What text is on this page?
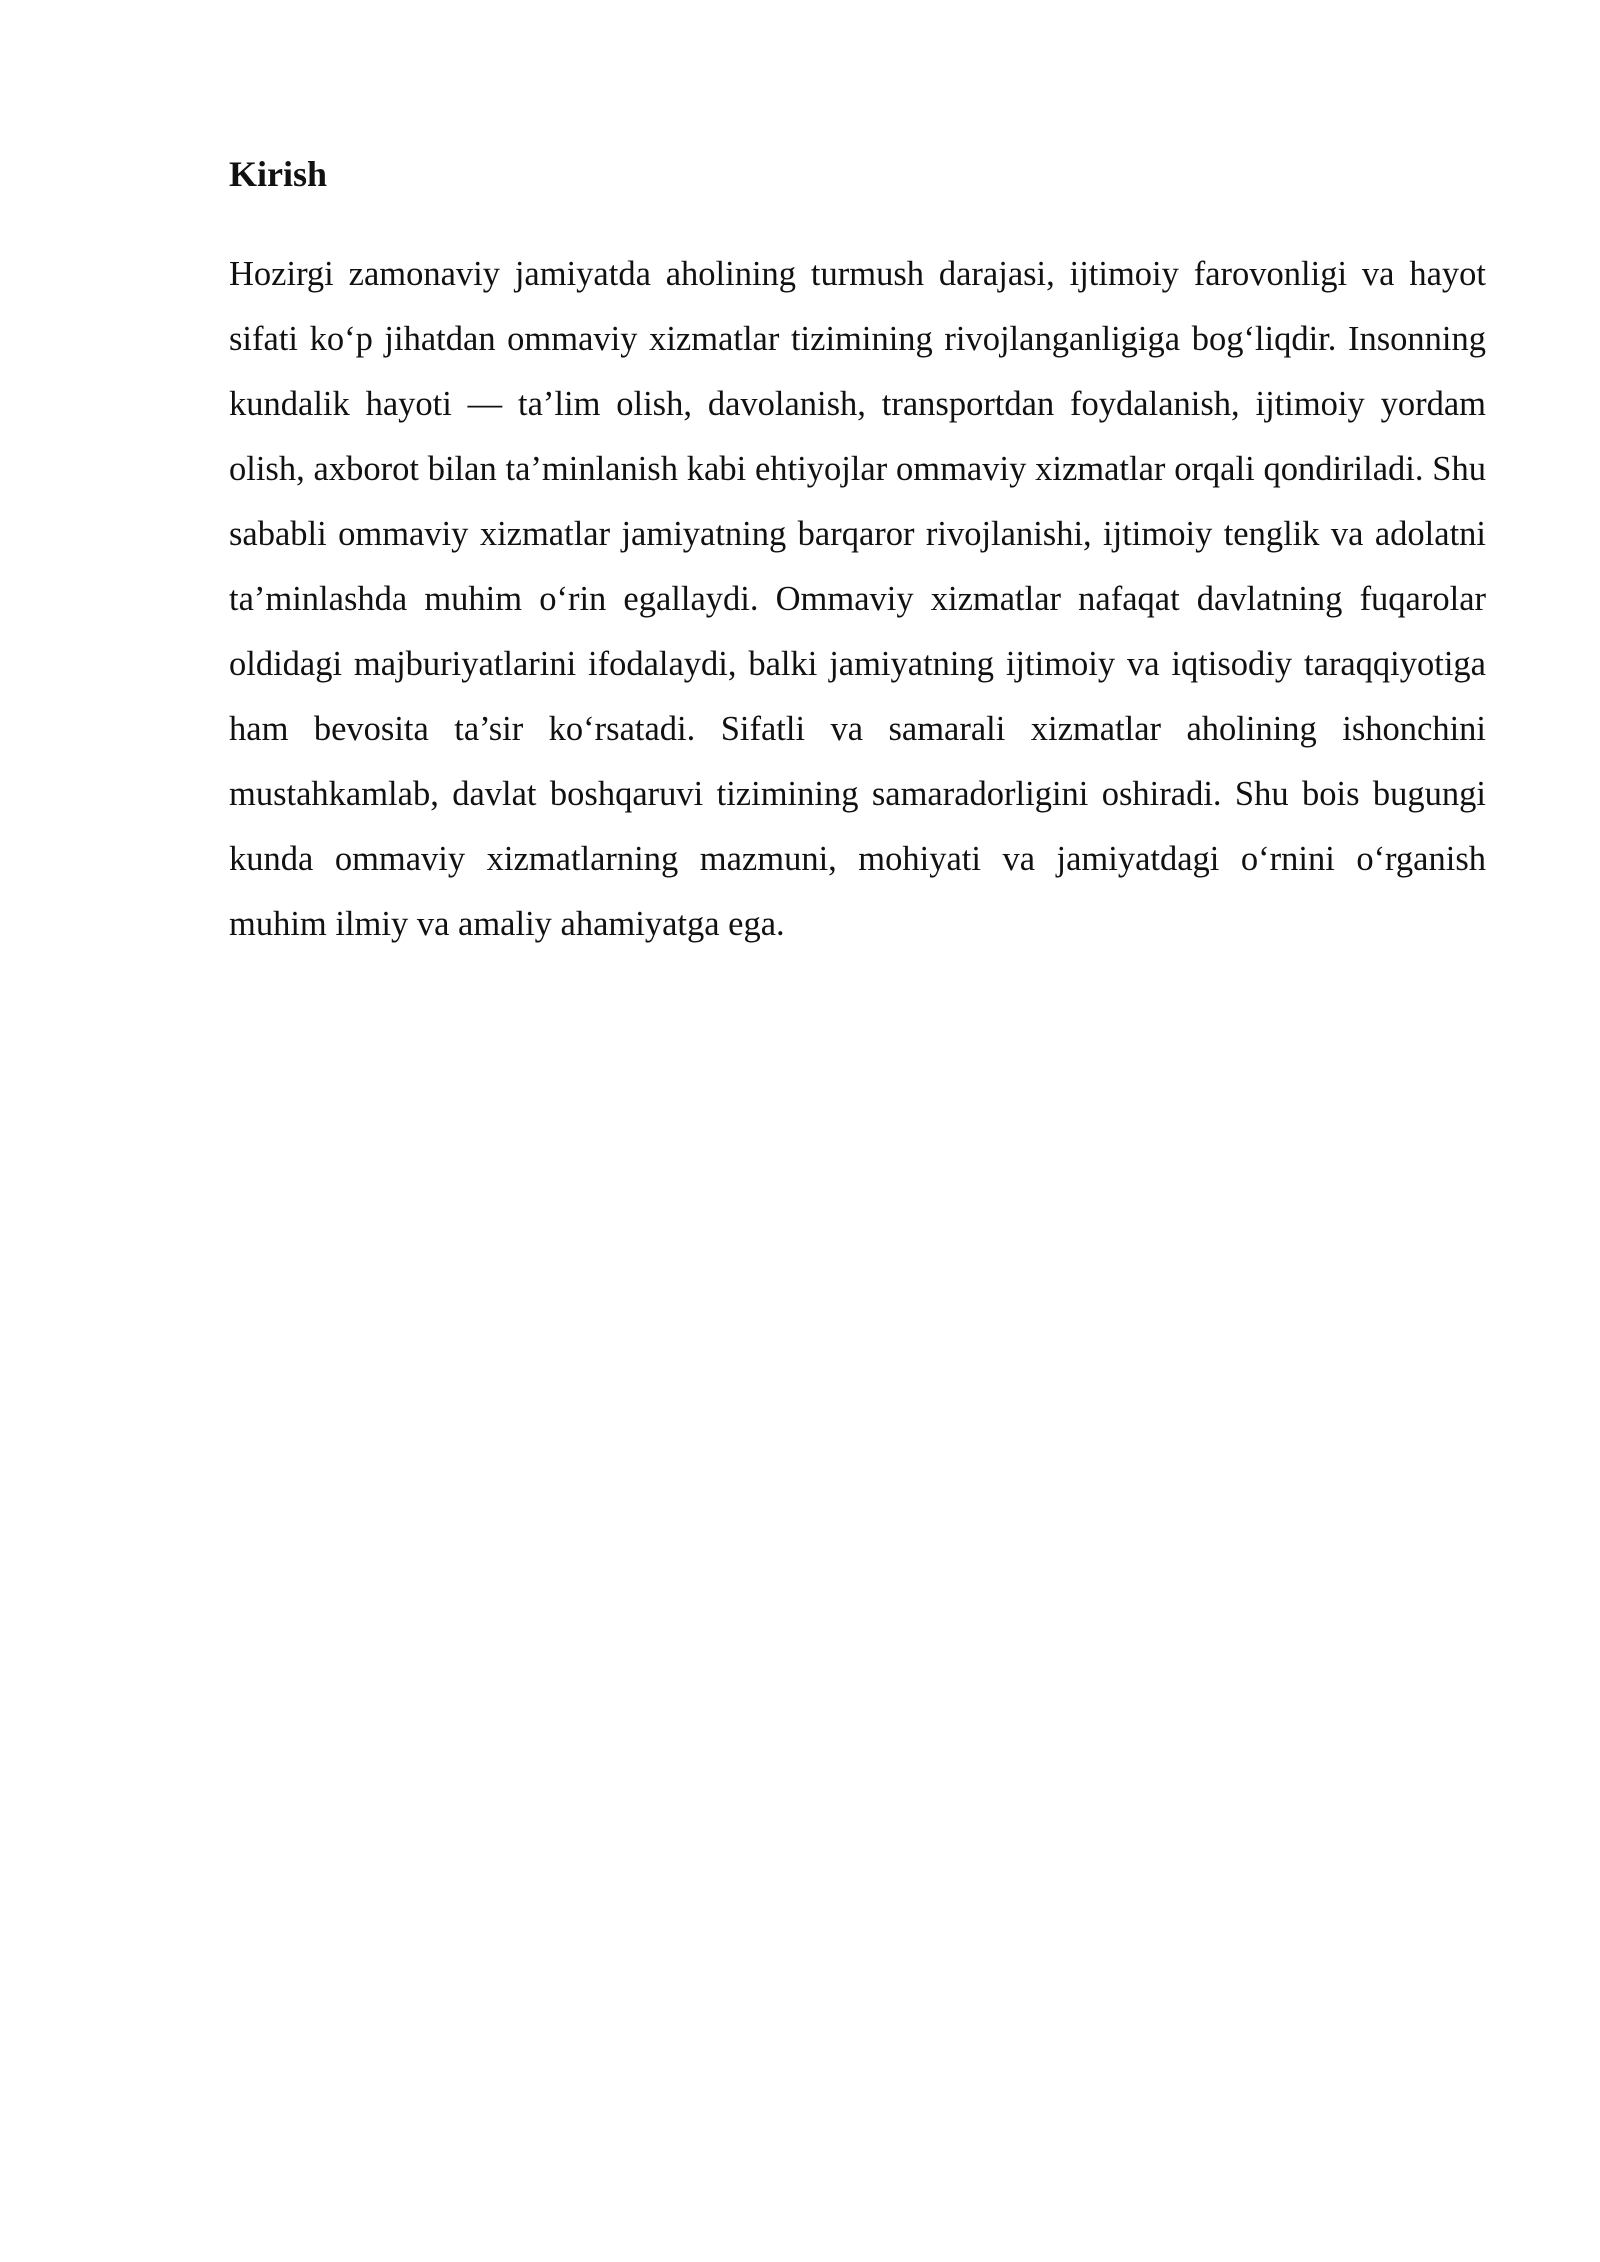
Kirish

Hozirgi zamonaviy jamiyatda aholining turmush darajasi, ijtimoiy farovonligi va hayot sifati ko‘p jihatdan ommaviy xizmatlar tizimining rivojlanganligiga bog‘liqdir. Insonning kundalik hayoti — ta’lim olish, davolanish, transportdan foydalanish, ijtimoiy yordam olish, axborot bilan ta’minlanish kabi ehtiyojlar ommaviy xizmatlar orqali qondiriladi. Shu sababli ommaviy xizmatlar jamiyatning barqaror rivojlanishi, ijtimoiy tenglik va adolatni ta’minlashda muhim o‘rin egallaydi. Ommaviy xizmatlar nafaqat davlatning fuqarolar oldidagi majburiyatlarini ifodalaydi, balki jamiyatning ijtimoiy va iqtisodiy taraqqiyotiga ham bevosita ta’sir ko‘rsatadi. Sifatli va samarali xizmatlar aholining ishonchini mustahkamlab, davlat boshqaruvi tizimining samaradorligini oshiradi. Shu bois bugungi kunda ommaviy xizmatlarning mazmuni, mohiyati va jamiyatdagi o‘rnini o‘rganish muhim ilmiy va amaliy ahamiyatga ega.
